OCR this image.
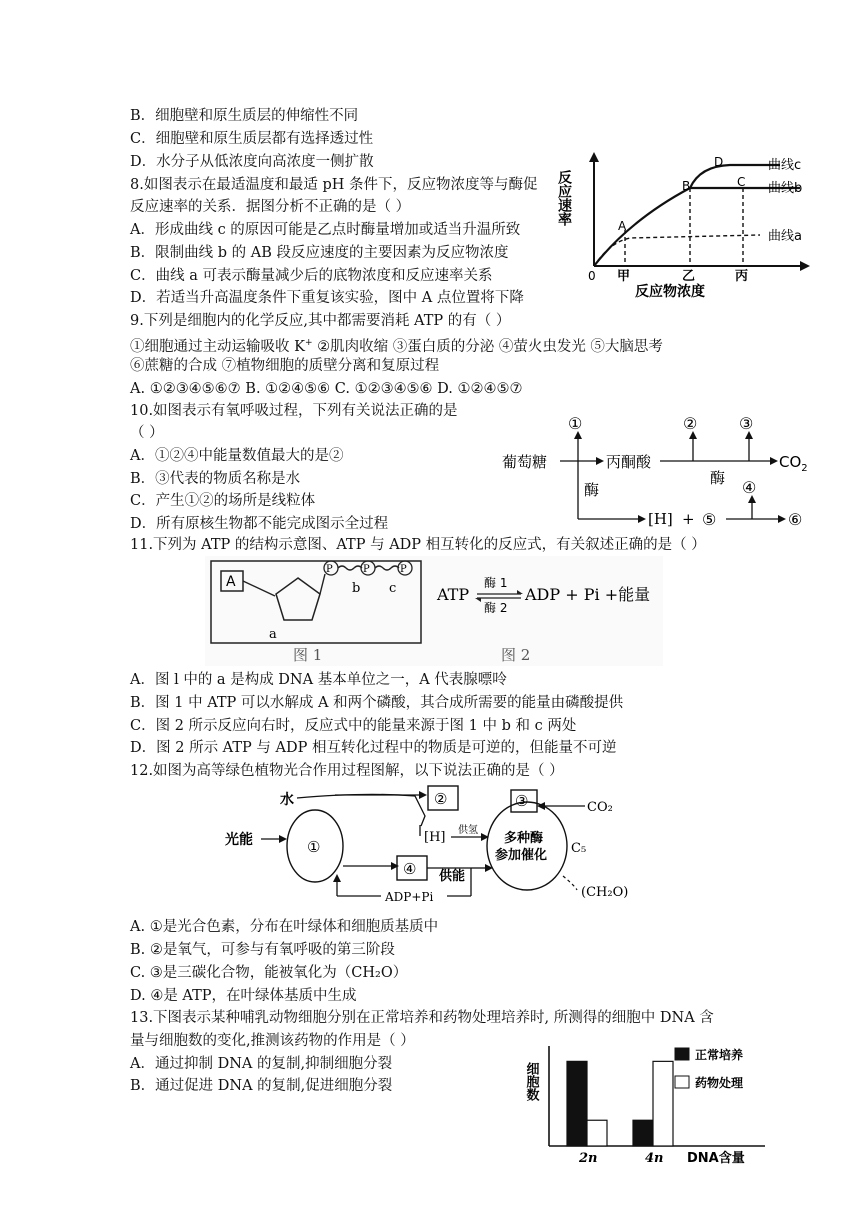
B．细胞壁和原生质层的伸缩性不同
C．细胞壁和原生质层都有选择透过性
D．水分子从低浓度向高浓度一侧扩散
8.如图表示在最适温度和最适 pH 条件下，反应物浓度等与酶促
反应速率的关系．据图分析不正确的是（ ）
A．形成曲线 c 的原因可能是乙点时酶量增加或适当升温所致
B．限制曲线 b 的 AB 段反应速度的主要因素为反应物浓度
C．曲线 a 可表示酶量减少后的底物浓度和反应速率关系
D．若适当升高温度条件下重复该实验，图中 A 点位置将下降
反应速率
0 甲	乙	丙
反应物浓度
A
B	C
D	曲线c
曲线b
曲线a
9.下列是细胞内的化学反应,其中都需要消耗 ATP 的有（ ）
①细胞通过主动运输吸收 K+ ②肌肉收缩 ③蛋白质的分泌 ④萤火虫发光 ⑤大脑思考
⑥蔗糖的合成 ⑦植物细胞的质壁分离和复原过程
A. ①②③④⑤⑥⑦ B. ①②④⑤⑥ C. ①②③④⑤⑥ D. ①②④⑤⑦
10.如图表示有氧呼吸过程，下列有关说法正确的是
（ ）
A．①②④中能量数值最大的是②
B．③代表的物质名称是水
C．产生①②的场所是线粒体
D．所有原核生物都不能完成图示全过程
葡萄糖
①
丙酮酸
②	③
$CO_2$
酶
酶
[H] + ⑤
④
⑥
11.下列为 ATP 的结构示意图、ATP 与 ADP 相互转化的反应式，有关叙述正确的是（ ）
A
P	P	P
b c
a
图 1
ATP
酶 1
酶 2
ADP + Pi +能量
图 2
A．图 l 中的 a 是构成 DNA 基本单位之一，A 代表腺嘌呤
B．图 1 中 ATP 可以水解成 A 和两个磷酸，其合成所需要的能量由磷酸提供
C．图 2 所示反应向右时，反应式中的能量来源于图 1 中 b 和 c 两处
D．图 2 所示 ATP 与 ADP 相互转化过程中的物质是可逆的，但能量不可逆
12.如图为高等绿色植物光合作用过程图解，以下说法正确的是（ ）
水	②
光能	①
[H] 供氢
④ 供能
ADP+Pi
多种酶
参加催化
③	CO₂
C₅
(CH₂O)
A. ①是光合色素，分布在叶绿体和细胞质基质中
B. ②是氧气，可参与有氧呼吸的第三阶段
C. ③是三碳化合物，能被氧化为（CH₂O）
D. ④是 ATP，在叶绿体基质中生成
13.下图表示某种哺乳动物细胞分别在正常培养和药物处理培养时, 所测得的细胞中 DNA 含
量与细胞数的变化,推测该药物的作用是（ ）
A．通过抑制 DNA 的复制,抑制细胞分裂
B．通过促进 DNA 的复制,促进细胞分裂	细胞数
2n	4n DNA含量
正常培养
药物处理
